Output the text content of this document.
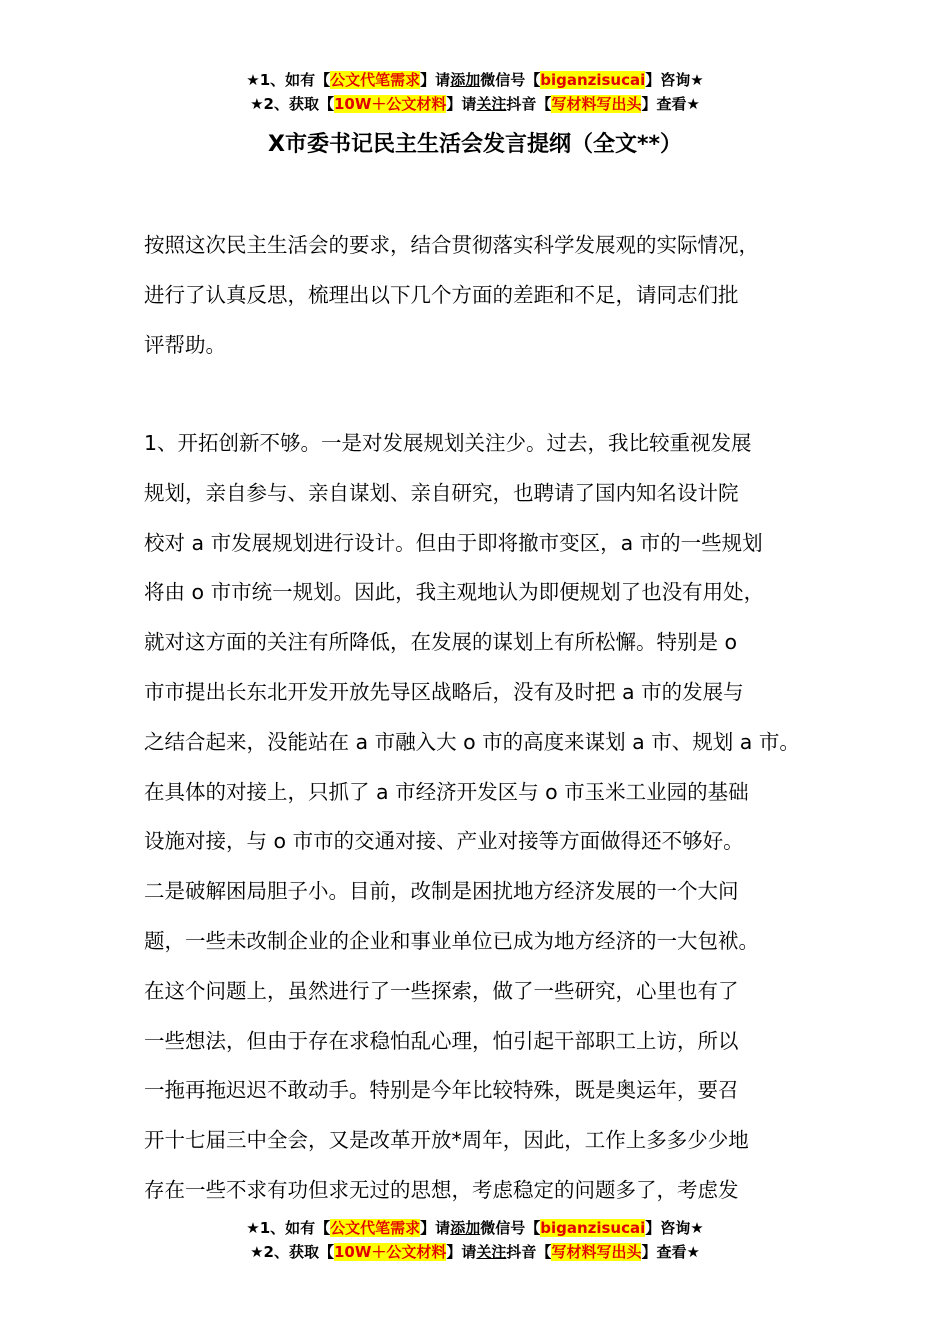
★1、如有【公文代笔需求】请添加微信号【biganzisucai】咨询★
★2、获取【10W＋公文材料】请关注抖音【写材料写出头】查看★
X市委书记民主生活会发言提纲（全文**）
按照这次民主生活会的要求，结合贯彻落实科学发展观的实际情况，
进行了认真反思，梳理出以下几个方面的差距和不足，请同志们批
评帮助。
1、开拓创新不够。一是对发展规划关注少。过去，我比较重视发展
规划，亲自参与、亲自谋划、亲自研究，也聘请了国内知名设计院
校对 a 市发展规划进行设计。但由于即将撤市变区，a 市的一些规划
将由 o 市市统一规划。因此，我主观地认为即便规划了也没有用处，
就对这方面的关注有所降低，在发展的谋划上有所松懈。特别是 o
市市提出长东北开发开放先导区战略后，没有及时把 a 市的发展与
之结合起来，没能站在 a 市融入大 o 市的高度来谋划 a 市、规划 a 市。
在具体的对接上，只抓了 a 市经济开发区与 o 市玉米工业园的基础
设施对接，与 o 市市的交通对接、产业对接等方面做得还不够好。
二是破解困局胆子小。目前，改制是困扰地方经济发展的一个大问
题，一些未改制企业的企业和事业单位已成为地方经济的一大包袱。
在这个问题上，虽然进行了一些探索，做了一些研究，心里也有了
一些想法，但由于存在求稳怕乱心理，怕引起干部职工上访，所以
一拖再拖迟迟不敢动手。特别是今年比较特殊，既是奥运年，要召
开十七届三中全会，又是改革开放*周年，因此，工作上多多少少地
存在一些不求有功但求无过的思想，考虑稳定的问题多了，考虑发
★1、如有【公文代笔需求】请添加微信号【biganzisucai】咨询★
★2、获取【10W＋公文材料】请关注抖音【写材料写出头】查看★
